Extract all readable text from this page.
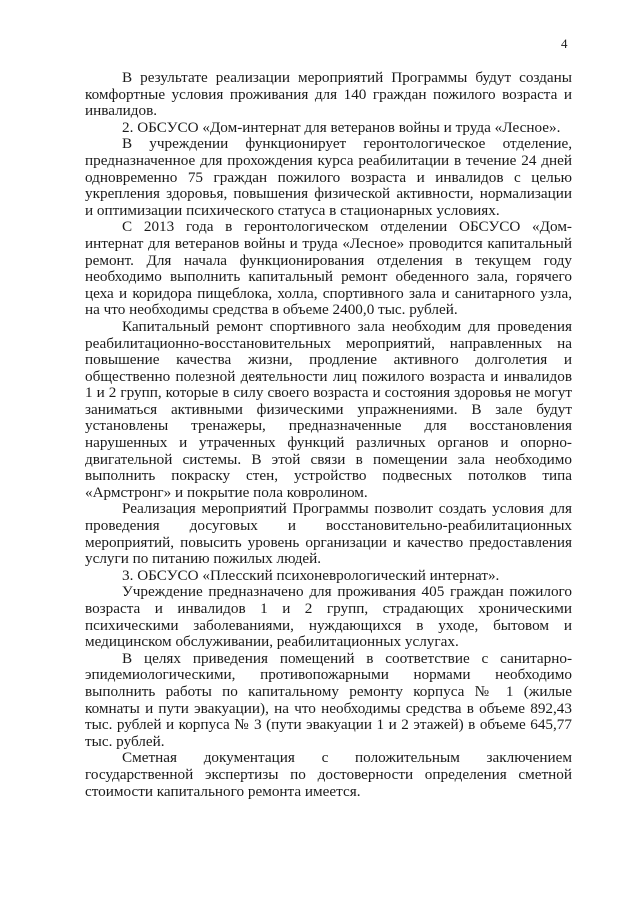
4

В результате реализации мероприятий Программы будут созданы комфортные условия проживания для 140 граждан пожилого возраста и инвалидов.

2. ОБСУСО «Дом-интернат для ветеранов войны и труда «Лесное».

В учреждении функционирует геронтологическое отделение, предназначенное для прохождения курса реабилитации в течение 24 дней одновременно 75 граждан пожилого возраста и инвалидов с целью укрепления здоровья, повышения физической активности, нормализации и оптимизации психического статуса в стационарных условиях.

С 2013 года в геронтологическом отделении ОБСУСО «Дом-интернат для ветеранов войны и труда «Лесное» проводится капитальный ремонт. Для начала функционирования отделения в текущем году необходимо выполнить капитальный ремонт обеденного зала, горячего цеха и коридора пищеблока, холла, спортивного зала и санитарного узла, на что необходимы средства в объеме 2400,0 тыс. рублей.

Капитальный ремонт спортивного зала необходим для проведения реабилитационно-восстановительных мероприятий, направленных на повышение качества жизни, продление активного долголетия и общественно полезной деятельности лиц пожилого возраста и инвалидов 1 и 2 групп, которые в силу своего возраста и состояния здоровья не могут заниматься активными физическими упражнениями. В зале будут установлены тренажеры, предназначенные для восстановления нарушенных и утраченных функций различных органов и опорно-двигательной системы. В этой связи в помещении зала необходимо выполнить покраску стен, устройство подвесных потолков типа «Армстронг» и покрытие пола ковролином.

Реализация мероприятий Программы позволит создать условия для проведения досуговых и восстановительно-реабилитационных мероприятий, повысить уровень организации и качество предоставления услуги по питанию пожилых людей.

3. ОБСУСО «Плесский психоневрологический интернат».

Учреждение предназначено для проживания 405 граждан пожилого возраста и инвалидов 1 и 2 групп, страдающих хроническими психическими заболеваниями, нуждающихся в уходе, бытовом и медицинском обслуживании, реабилитационных услугах.

В целях приведения помещений в соответствие с санитарно-эпидемиологическими, противопожарными нормами необходимо выполнить работы по капитальному ремонту корпуса № 1 (жилые комнаты и пути эвакуации), на что необходимы средства в объеме 892,43 тыс. рублей и корпуса № 3 (пути эвакуации 1 и 2 этажей) в объеме 645,77 тыс. рублей.

Сметная документация с положительным заключением государственной экспертизы по достоверности определения сметной стоимости капитального ремонта имеется.
